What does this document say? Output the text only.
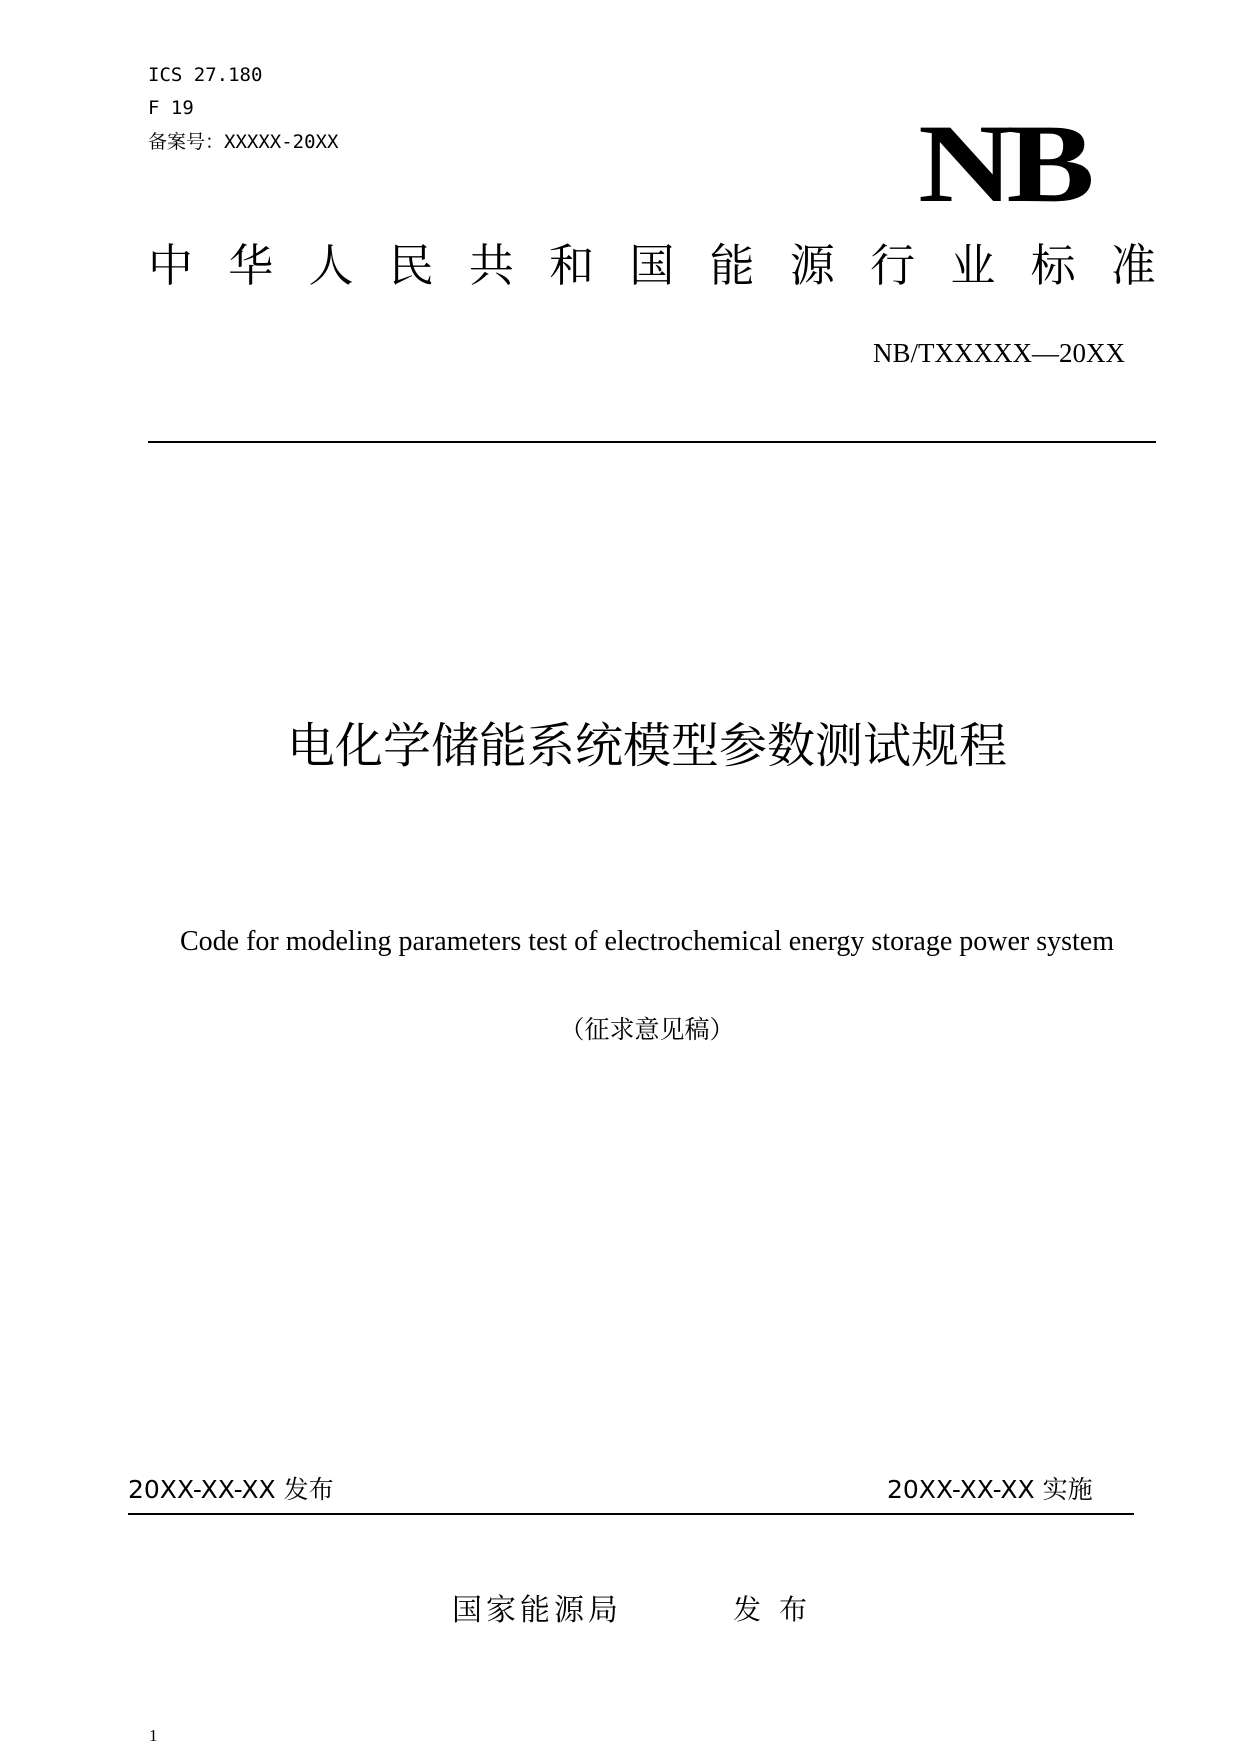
ICS 27.180
F 19
备案号：XXXXX-20XX	NB
中 华 人 民 共 和 国 能 源 行 业 标 准
NB/TXXXXX—20XX
电化学储能系统模型参数测试规程
Code for modeling parameters test of electrochemical energy storage power system
（征求意见稿）
20XX-XX-XX 发布	20XX-XX-XX 实施
国家能源局	发布
1
